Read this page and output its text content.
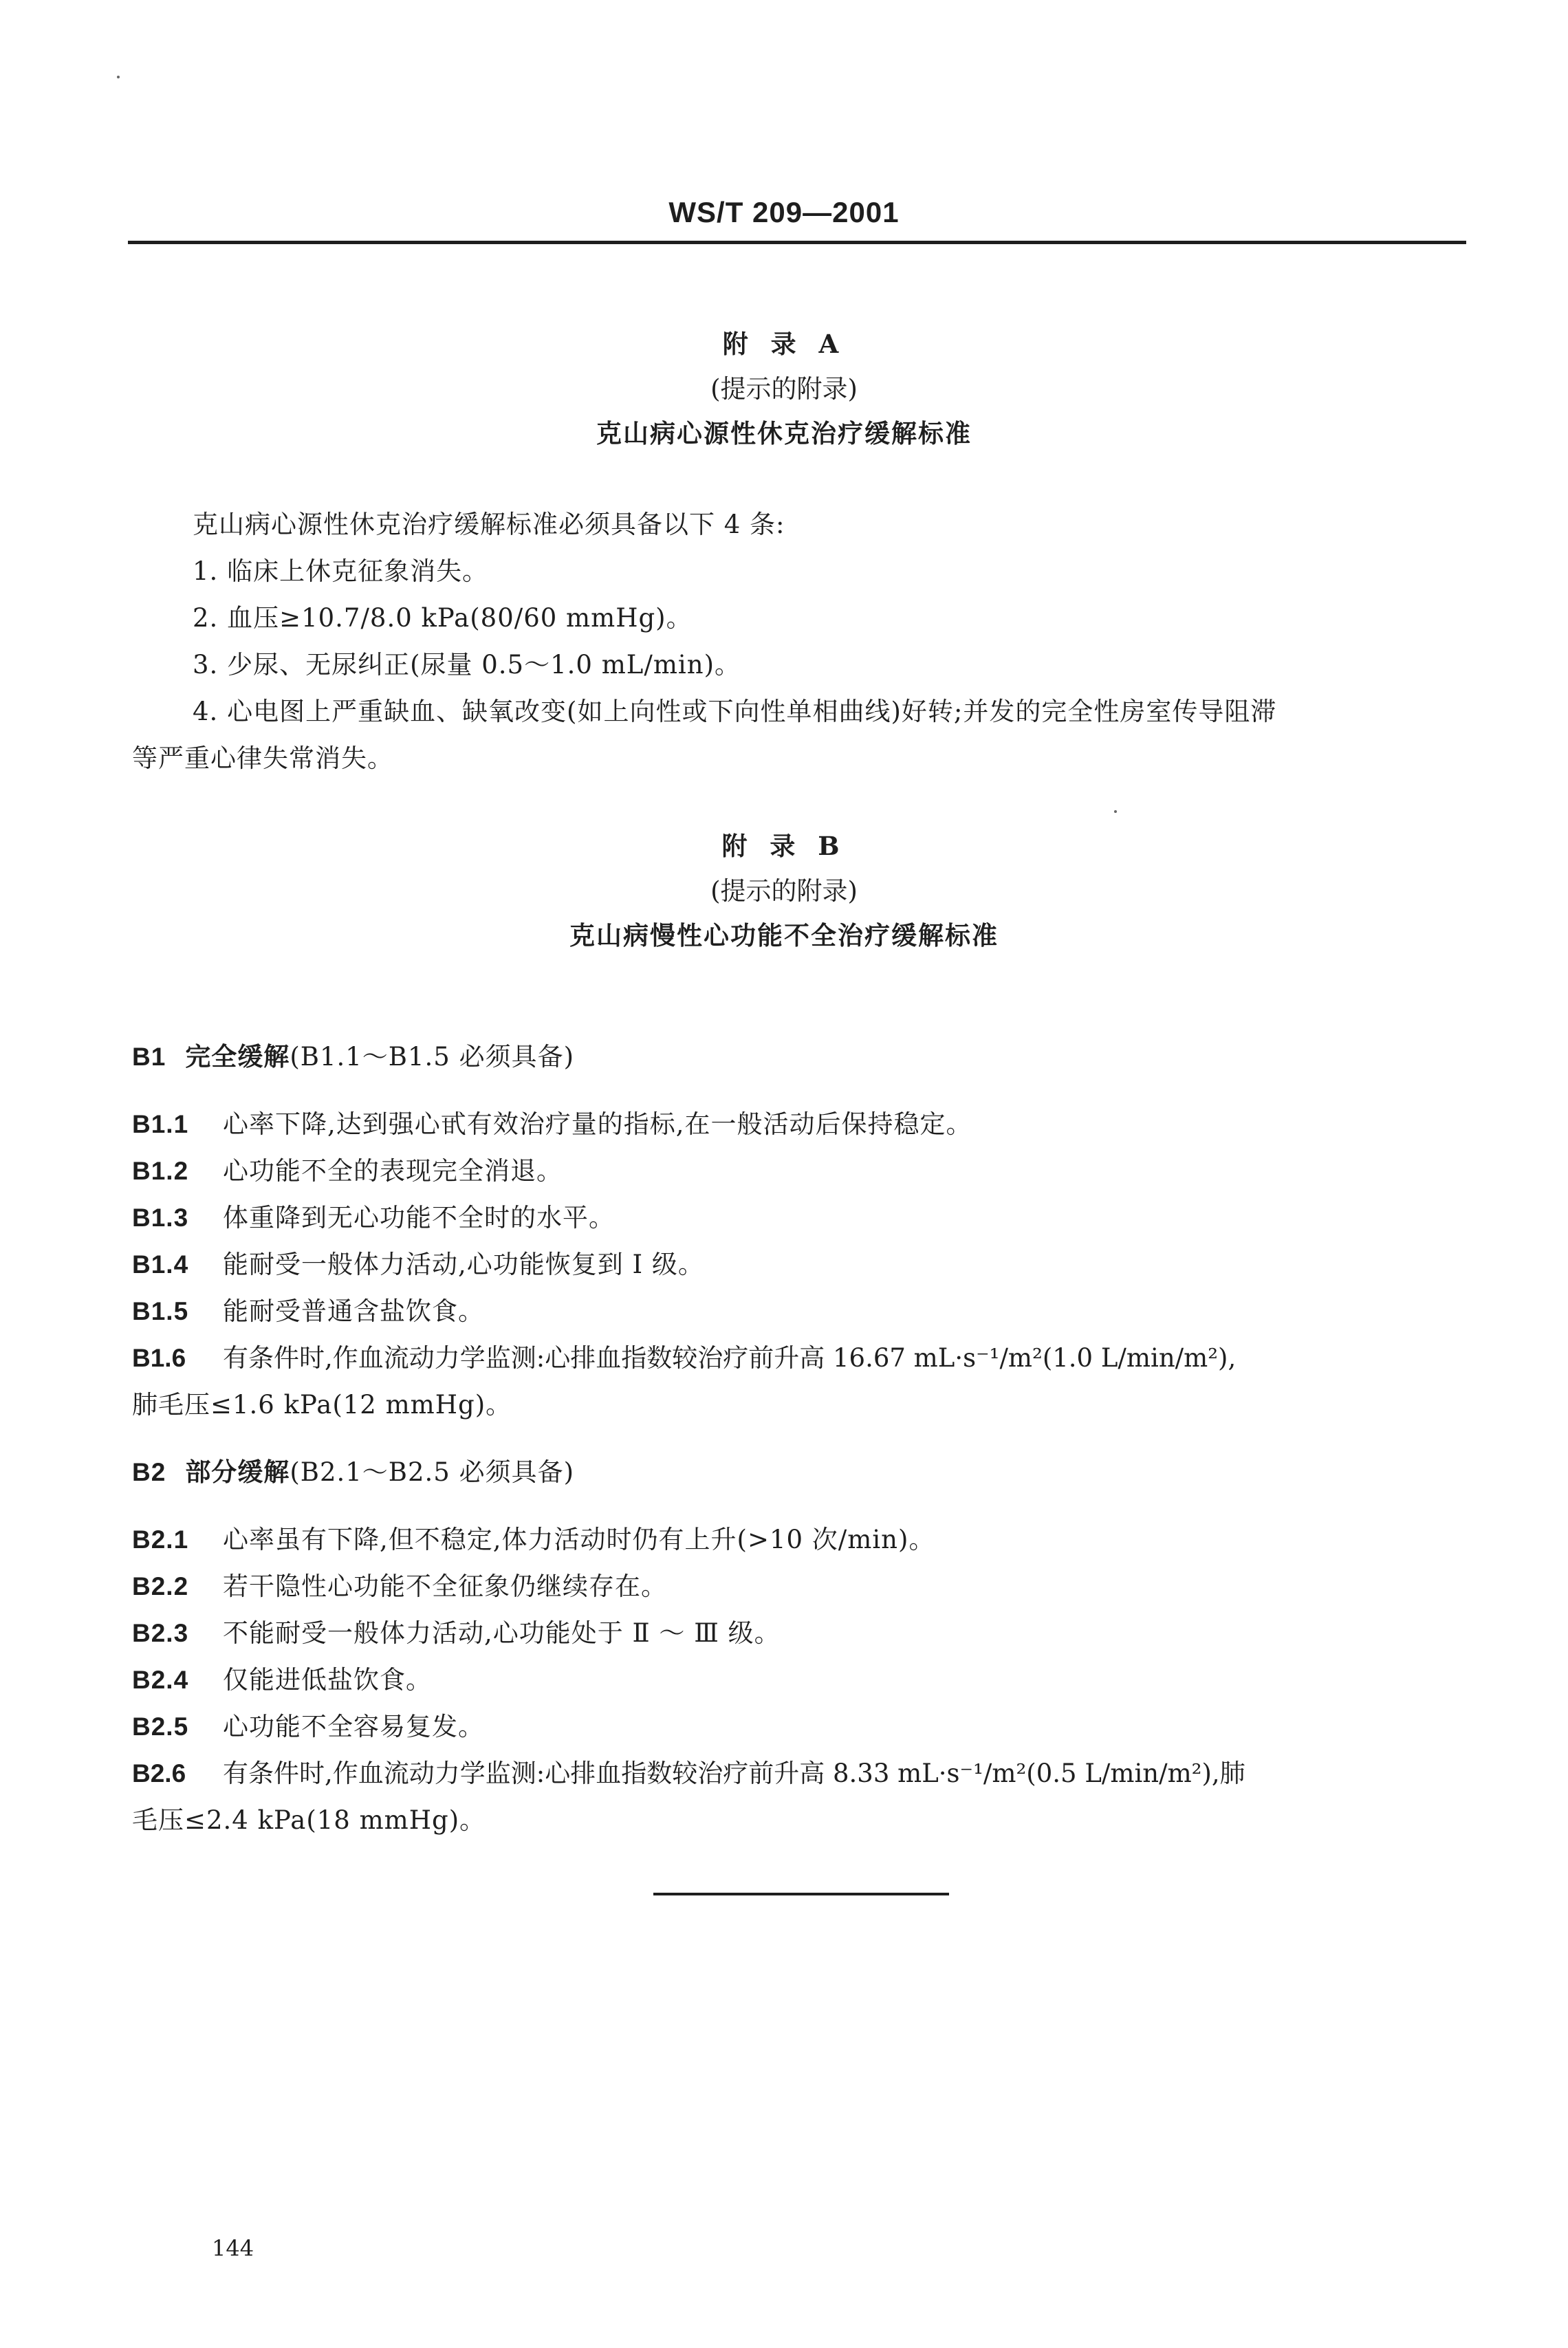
WS/T 209—2001
附 录 A
(提示的附录)
克山病心源性休克治疗缓解标准
克山病心源性休克治疗缓解标准必须具备以下 4 条:
1. 临床上休克征象消失。
2. 血压≥10.7/8.0 kPa(80/60 mmHg)。
3. 少尿、无尿纠正(尿量 0.5～1.0 mL/min)。
4. 心电图上严重缺血、缺氧改变(如上向性或下向性单相曲线)好转;并发的完全性房室传导阻滞
等严重心律失常消失。
附 录 B
(提示的附录)
克山病慢性心功能不全治疗缓解标准
B1 完全缓解(B1.1～B1.5 必须具备)
B1.1 心率下降,达到强心甙有效治疗量的指标,在一般活动后保持稳定。
B1.2 心功能不全的表现完全消退。
B1.3 体重降到无心功能不全时的水平。
B1.4 能耐受一般体力活动,心功能恢复到 I 级。
B1.5 能耐受普通含盐饮食。
B1.6 有条件时,作血流动力学监测:心排血指数较治疗前升高 16.67 mL·s⁻¹/m²(1.0 L/min/m²),
肺毛压≤1.6 kPa(12 mmHg)。
B2 部分缓解(B2.1～B2.5 必须具备)
B2.1 心率虽有下降,但不稳定,体力活动时仍有上升(>10 次/min)。
B2.2 若干隐性心功能不全征象仍继续存在。
B2.3 不能耐受一般体力活动,心功能处于 Ⅱ ～ Ⅲ 级。
B2.4 仅能进低盐饮食。
B2.5 心功能不全容易复发。
B2.6 有条件时,作血流动力学监测:心排血指数较治疗前升高 8.33 mL·s⁻¹/m²(0.5 L/min/m²),肺
毛压≤2.4 kPa(18 mmHg)。
144
